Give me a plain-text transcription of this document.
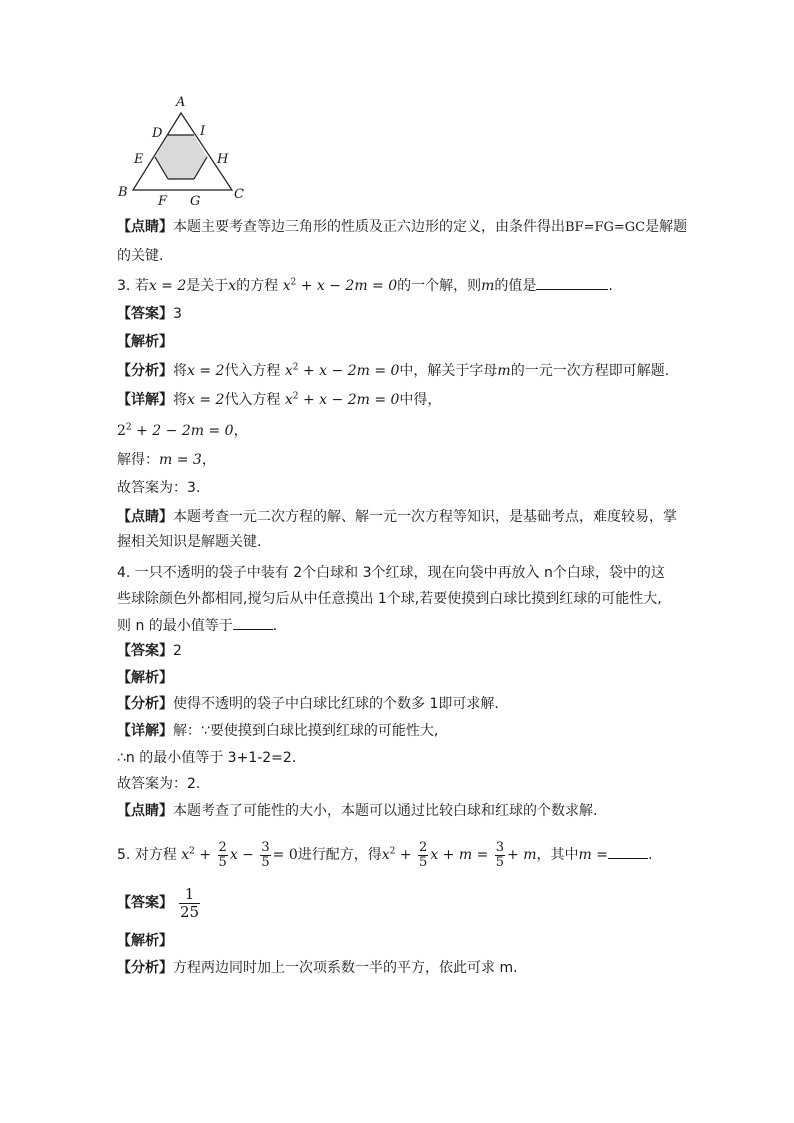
A
D	I
E	H
B
F G	C
【点睛】本题主要考查等边三角形的性质及正六边形的定义，由条件得出BF=FG=GC是解题
的关键.
3. 若x = 2是关于x的方程 $x^2 + x - 2m = 0$的一个解，则m的值是	.
【答案】3
【解析】
【分析】将x = 2代入方程 $x^2 + x - 2m = 0$中，解关于字母m的一元一次方程即可解题.
【详解】将x = 2代入方程 $x^2 + x - 2m = 0$中得，
$2^2 + 2 - 2m = 0$，
解得：m = 3，
故答案为：3.
【点睛】本题考查一元二次方程的解、解一元一次方程等知识，是基础考点，难度较易，掌
握相关知识是解题关键.
4. 一只不透明的袋子中装有 2个白球和 3个红球，现在向袋中再放入 n个白球，袋中的这
些球除颜色外都相同,搅匀后从中任意摸出 1个球,若要使摸到白球比摸到红球的可能性大,
则 n 的最小值等于	.
【答案】2
【解析】
【分析】使得不透明的袋子中白球比红球的个数多 1即可求解.
【详解】解：∵要使摸到白球比摸到红球的可能性大,
∴n 的最小值等于 3+1-2=2.
故答案为：2.
【点睛】本题考查了可能性的大小，本题可以通过比较白球和红球的个数求解.
5. 对方程 $x^2 + \frac{2}{5}$ $x - \frac{3}{5} = 0$进行配方，得$x^2 + \frac{2}{5}$ $x + m = \frac{3}{5} + m$，其中m =	.
【答案】 $\frac{1}{25}$
【解析】
【分析】方程两边同时加上一次项系数一半的平方，依此可求 m.
